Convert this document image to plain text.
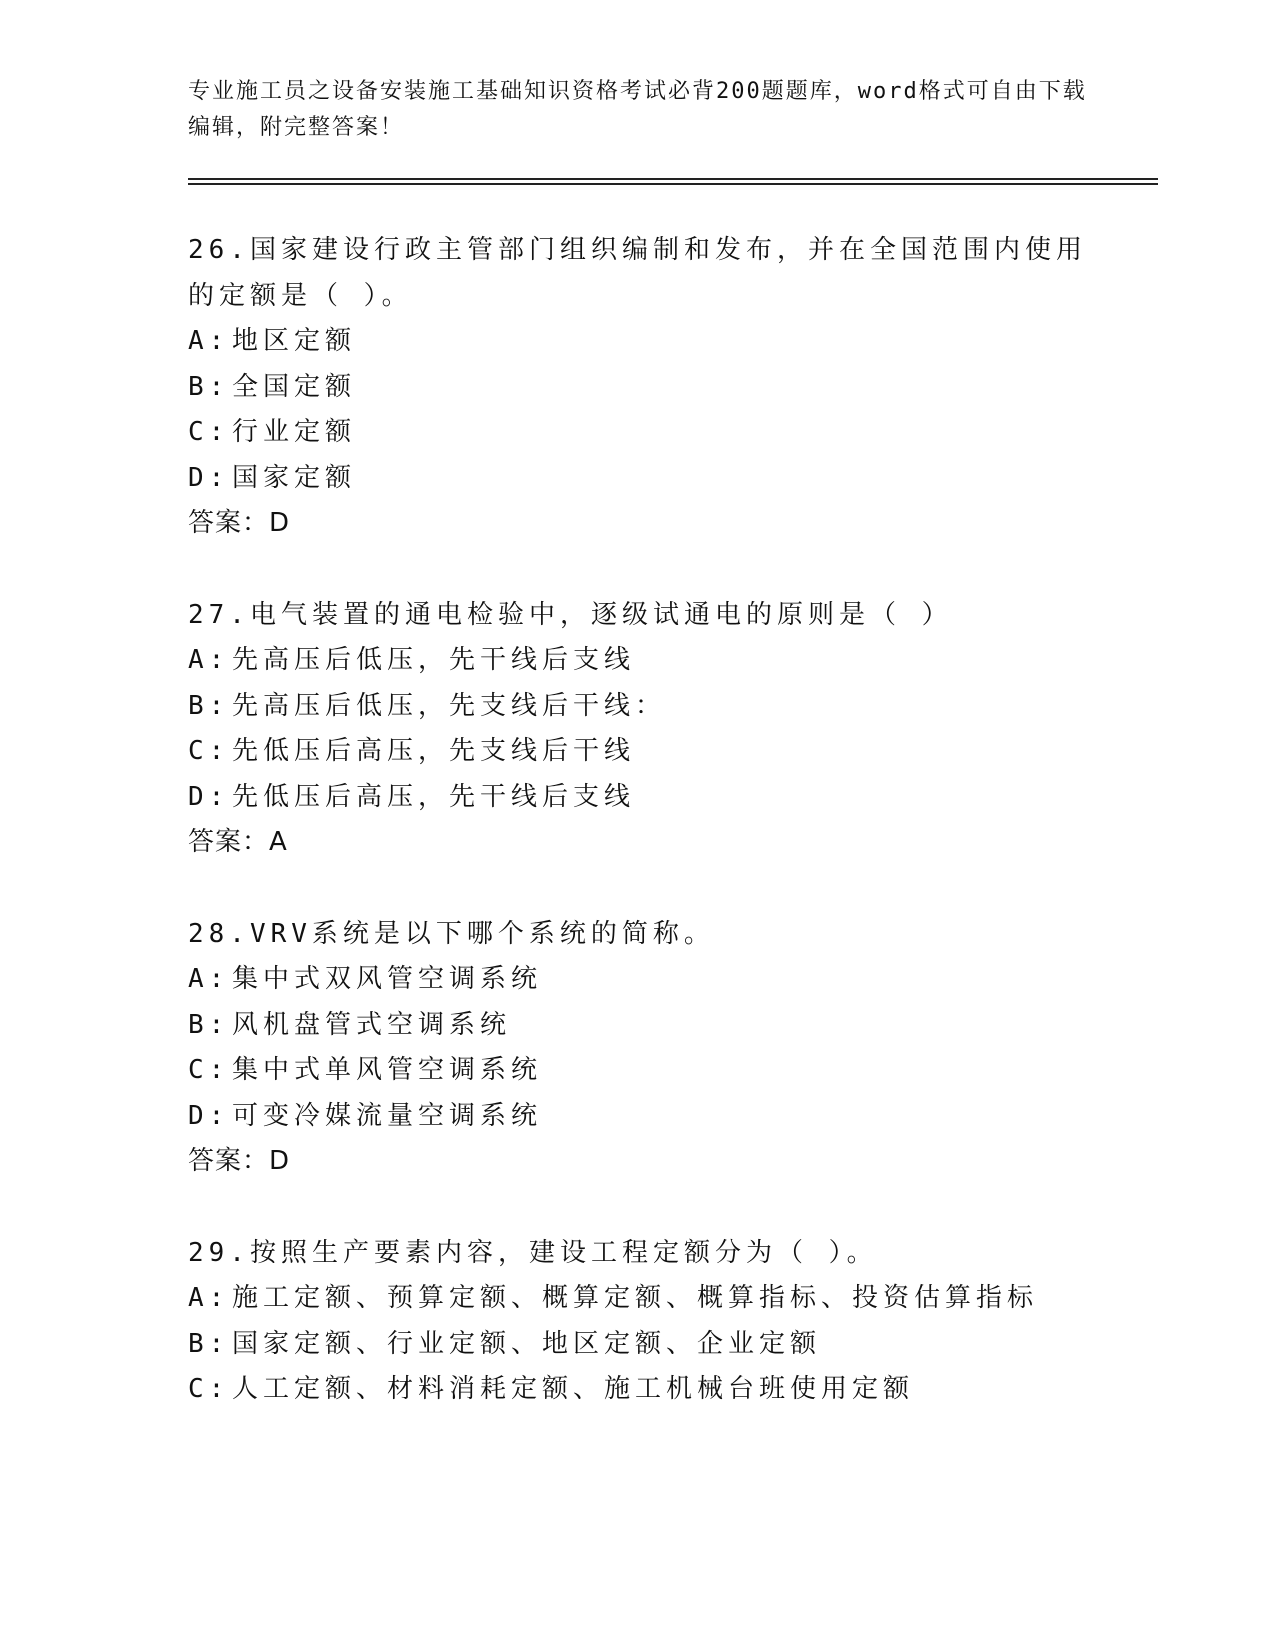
专业施工员之设备安装施工基础知识资格考试必背200题题库，word格式可自由下载编辑，附完整答案！
26.国家建设行政主管部门组织编制和发布，并在全国范围内使用的定额是（ ）。
A: 地区定额
B: 全国定额
C: 行业定额
D: 国家定额
答案：D
27.电气装置的通电检验中，逐级试通电的原则是（ ）
A: 先高压后低压，先干线后支线
B: 先高压后低压，先支线后干线：
C: 先低压后高压，先支线后干线
D: 先低压后高压，先干线后支线
答案：A
28.VRV系统是以下哪个系统的简称。
A: 集中式双风管空调系统
B: 风机盘管式空调系统
C: 集中式单风管空调系统
D: 可变冷媒流量空调系统
答案：D
29.按照生产要素内容，建设工程定额分为（ ）。
A: 施工定额、预算定额、概算定额、概算指标、投资估算指标
B: 国家定额、行业定额、地区定额、企业定额
C: 人工定额、材料消耗定额、施工机械台班使用定额
